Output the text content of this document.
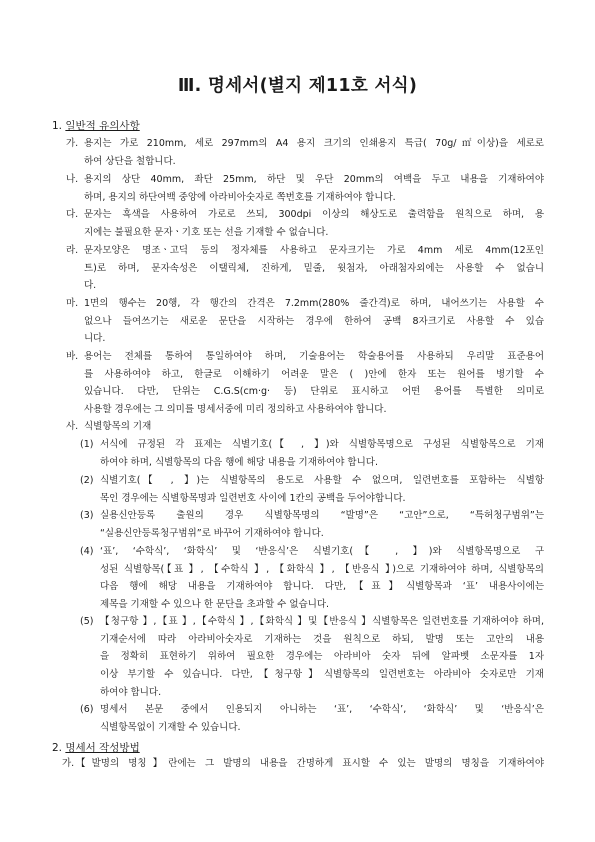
Ⅲ. 명세서(별지 제11호 서식)
1. 일반적 유의사항
가. 용지는 가로 210mm, 세로 297mm의 A4 용지 크기의 인쇄용지 특급( 70g/㎡이상)을 세로로
하여 상단을 철합니다.
나. 용지의 상단 40mm, 좌단 25mm, 하단 및 우단 20mm의 여백을 두고 내용을 기재하여야
하며, 용지의 하단여백 중앙에 아라비아숫자로 쪽번호를 기재하여야 합니다.
다. 문자는 흑색을 사용하여 가로로 쓰되, 300dpi 이상의 해상도로 출력함을 원칙으로 하며, 용
지에는 불필요한 문자ㆍ기호 또는 선을 기재할 수 없습니다.
라. 문자모양은 명조ㆍ고딕 등의 정자체를 사용하고 문자크기는 가로 4mm 세로 4mm(12포인
트)로 하며, 문자속성은 이탤릭체, 진하게, 밑줄, 윗첨자, 아래첨자외에는 사용할 수 없습니
다.
마. 1면의 행수는 20행, 각 행간의 간격은 7.2mm(280% 줄간격)로 하며, 내어쓰기는 사용할 수
없으나 들여쓰기는 새로운 문단을 시작하는 경우에 한하여 공백 8자크기로 사용할 수 있습
니다.
바. 용어는 전체를 통하여 통일하여야 하며, 기술용어는 학술용어를 사용하되 우리말 표준용어
를 사용하여야 하고, 한글로 이해하기 어려운 말은 ( )안에 한자 또는 원어를 병기할 수
있습니다. 다만, 단위는 C.G.S(cm·g· 등) 단위로 표시하고 어떤 용어를 특별한 의미로
사용할 경우에는 그 의미를 명세서중에 미리 정의하고 사용하여야 합니다.
사. 식별항목의 기재
(1) 서식에 규정된 각 표제는 식별기호(【 , 】)와 식별항목명으로 구성된 식별항목으로 기재
하여야 하며, 식별항목의 다음 행에 해당 내용을 기재하여야 합니다.
(2) 식별기호(【 , 】)는 식별항목의 용도로 사용할 수 없으며, 일련번호를 포함하는 식별항
목인 경우에는 식별항목명과 일련번호 사이에 1칸의 공백을 두어야합니다.
(3) 실용신안등록 출원의 경우 식별항목명의 “발명”은 “고안”으로, “특허청구범위”는
“실용신안등록청구범위”로 바꾸어 기재하여야 합니다.
(4) ‘표’, ‘수학식’, ‘화학식’ 및 ‘반응식’은 식별기호(【 , 】)와 식별항목명으로 구
성된 식별항목(【표 】, 【수학식 】, 【화학식 】, 【반응식 】)으로 기재하여야 하며, 식별항목의
다음 행에 해당 내용을 기재하여야 합니다. 다만,【표】식별항목과 ‘표’ 내용사이에는
제목을 기재할 수 있으나 한 문단을 초과할 수 없습니다.
(5) 【청구항 】,【표 】,【수학식 】,【화학식 】및【반응식 】식별항목은 일련번호를 기재하여야 하며,
기재순서에 따라 아라비아숫자로 기재하는 것을 원칙으로 하되, 발명 또는 고안의 내용
을 정확히 표현하기 위하여 필요한 경우에는 아라비아 숫자 뒤에 알파벳 소문자를 1자
이상 부기할 수 있습니다. 다만,【청구항】식별항목의 일련번호는 아라비아 숫자로만 기재
하여야 합니다.
(6) 명세서 본문 중에서 인용되지 아니하는 ‘표’, ‘수학식’, ‘화학식’ 및 ‘반응식’은
식별항목없이 기재할 수 있습니다.
2. 명세서 작성방법
가. 【발명의 명칭】란에는 그 발명의 내용을 간명하게 표시할 수 있는 발명의 명칭을 기재하여야
